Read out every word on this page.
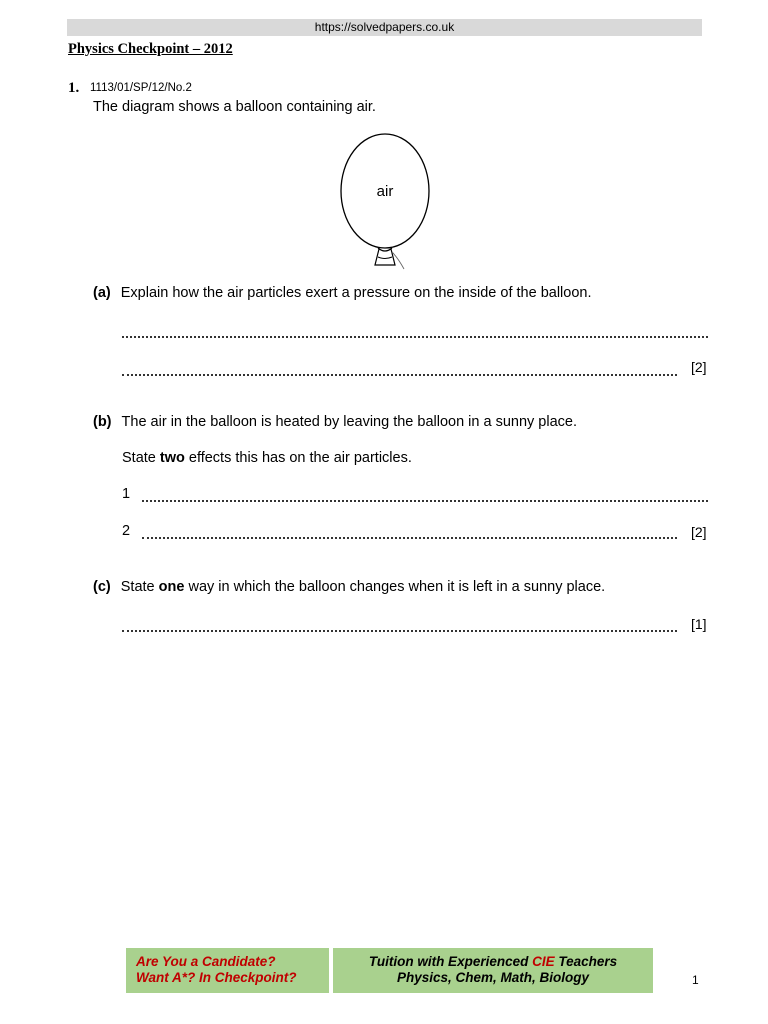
https://solvedpapers.co.uk
Physics Checkpoint – 2012
1. 1113/01/SP/12/No.2
The diagram shows a balloon containing air.
air
(a) Explain how the air particles exert a pressure on the inside of the balloon.
[2]
(b) The air in the balloon is heated by leaving the balloon in a sunny place.
State two effects this has on the air particles.
1
2	[2]
(c) State one way in which the balloon changes when it is left in a sunny place.
[1]
Are You a Candidate?
Want A*? In Checkpoint?
Tuition with Experienced CIE Teachers
Physics, Chem, Math, Biology	1
